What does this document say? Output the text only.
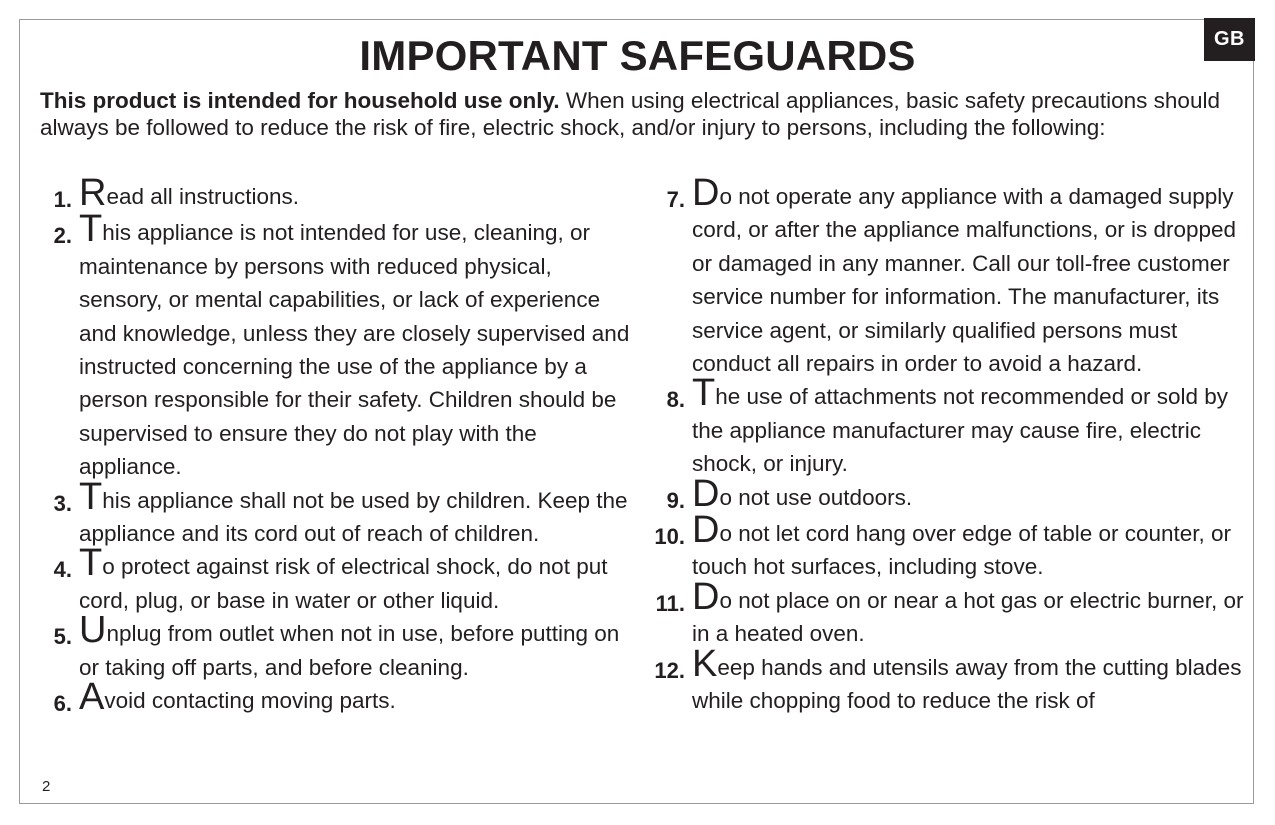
GB
IMPORTANT SAFEGUARDS

This product is intended for household use only. When using electrical appliances, basic safety precautions should always be followed to reduce the risk of fire, electric shock, and/or injury to persons, including the following:

1. Read all instructions.
2. This appliance is not intended for use, cleaning, or maintenance by persons with reduced physical, sensory, or mental capabilities, or lack of experience and knowledge, unless they are closely supervised and instructed concerning the use of the appliance by a person responsible for their safety. Children should be supervised to ensure they do not play with the appliance.
3. This appliance shall not be used by children. Keep the appliance and its cord out of reach of children.
4. To protect against risk of electrical shock, do not put cord, plug, or base in water or other liquid.
5. Unplug from outlet when not in use, before putting on or taking off parts, and before cleaning.
6. Avoid contacting moving parts.
7. Do not operate any appliance with a damaged supply cord, or after the appliance malfunctions, or is dropped or damaged in any manner. Call our toll-free customer service number for information. The manufacturer, its service agent, or similarly qualified persons must conduct all repairs in order to avoid a hazard.
8. The use of attachments not recommended or sold by the appliance manufacturer may cause fire, electric shock, or injury.
9. Do not use outdoors.
10. Do not let cord hang over edge of table or counter, or touch hot surfaces, including stove.
11. Do not place on or near a hot gas or electric burner, or in a heated oven.
12. Keep hands and utensils away from the cutting blades while chopping food to reduce the risk of
2
